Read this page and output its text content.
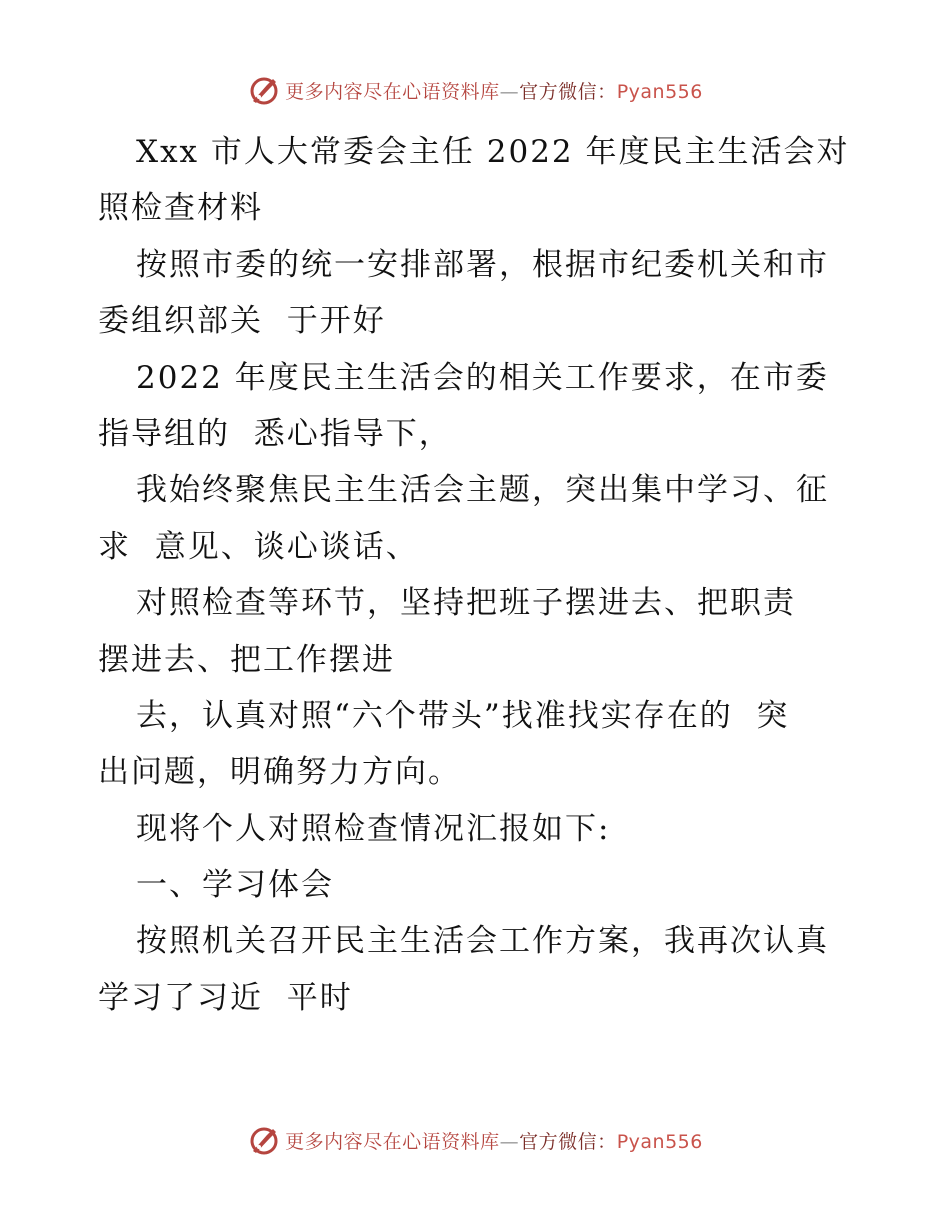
更多内容尽在心语资料库—官方微信：Pyan556
Xxx 市人大常委会主任 2022 年度民主生活会对
照检查材料
按照市委的统一安排部署，根据市纪委机关和市
委组织部关  于开好
2022 年度民主生活会的相关工作要求，在市委
指导组的  悉心指导下，
我始终聚焦民主生活会主题，突出集中学习、征
求  意见、谈心谈话、
对照检查等环节，坚持把班子摆进去、把职责
摆进去、把工作摆进
去，认真对照“六个带头”找准找实存在的  突
出问题，明确努力方向。
现将个人对照检查情况汇报如下:
一、学习体会
按照机关召开民主生活会工作方案，我再次认真
学习了习近  平时
更多内容尽在心语资料库—官方微信：Pyan556
